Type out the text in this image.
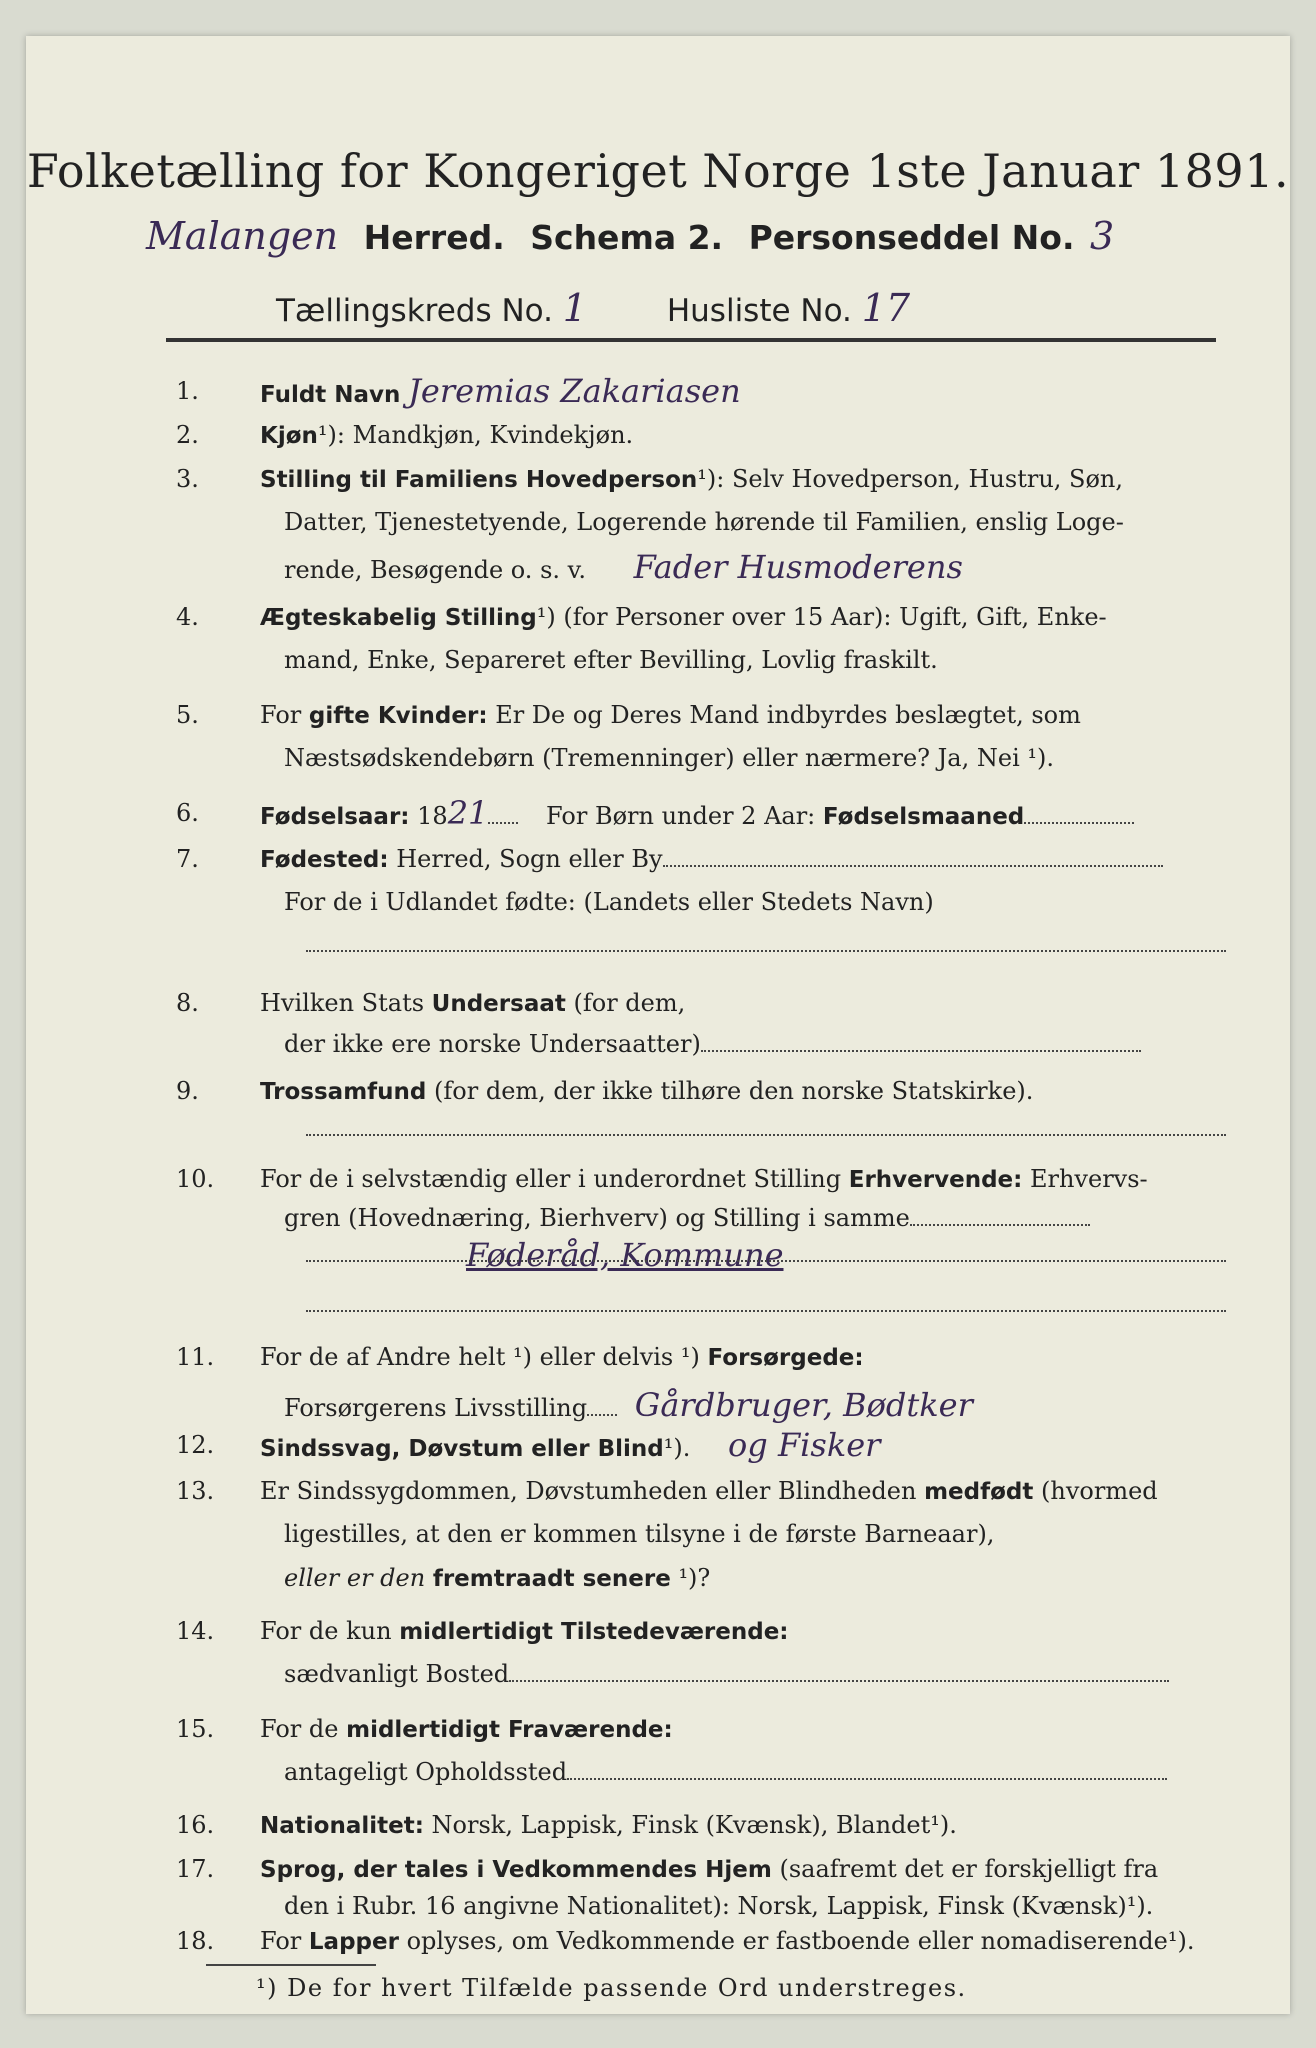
Folketælling for Kongeriget Norge 1ste Januar 1891.
Malangen Herred. Schema 2. Personseddel No. 3
Tællingskreds No. 1	Husliste No. 17
1.	Fuldt Navn Jeremias Zakariasen
2.	Kjøn¹): Mandkjøn, Kvindekjøn.
3.	Stilling til Familiens Hovedperson¹): Selv Hovedperson, Hustru, Søn,
Datter, Tjenestetyende, Logerende hørende til Familien, enslig Loge-
rende, Besøgende o. s. v. Fader Husmoderens
4.	Ægteskabelig Stilling¹) (for Personer over 15 Aar): Ugift, Gift, Enke-
mand, Enke, Separeret efter Bevilling, Lovlig fraskilt.
5.	For gifte Kvinder: Er De og Deres Mand indbyrdes beslægtet, som
Næstsødskendebørn (Tremenninger) eller nærmere? Ja, Nei ¹).
6.	Fødselsaar: 1821 For Børn under 2 Aar: Fødselsmaaned
7.	Fødested: Herred, Sogn eller By
For de i Udlandet fødte: (Landets eller Stedets Navn)
8.	Hvilken Stats Undersaat (for dem,
der ikke ere norske Undersaatter)
9.	Trossamfund (for dem, der ikke tilhøre den norske Statskirke).
10.	For de i selvstændig eller i underordnet Stilling Erhvervende: Erhvervs-
gren (Hovednæring, Bierhverv) og Stilling i samme
Føderåd, Kommune
11.	For de af Andre helt ¹) eller delvis ¹) Forsørgede:
Forsørgerens Livsstilling Gårdbruger, Bødtker
12.	Sindssvag, Døvstum eller Blind¹). og Fisker
13.	Er Sindssygdommen, Døvstumheden eller Blindheden medfødt (hvormed
ligestilles, at den er kommen tilsyne i de første Barneaar),
eller er den fremtraadt senere ¹)?
14.	For de kun midlertidigt Tilstedeværende:
sædvanligt Bosted
15.	For de midlertidigt Fraværende:
antageligt Opholdssted
16.	Nationalitet: Norsk, Lappisk, Finsk (Kvænsk), Blandet¹).
17.	Sprog, der tales i Vedkommendes Hjem (saafremt det er forskjelligt fra
den i Rubr. 16 angivne Nationalitet): Norsk, Lappisk, Finsk (Kvænsk)¹).
18.	For Lapper oplyses, om Vedkommende er fastboende eller nomadiserende¹).
¹) De for hvert Tilfælde passende Ord understreges.
